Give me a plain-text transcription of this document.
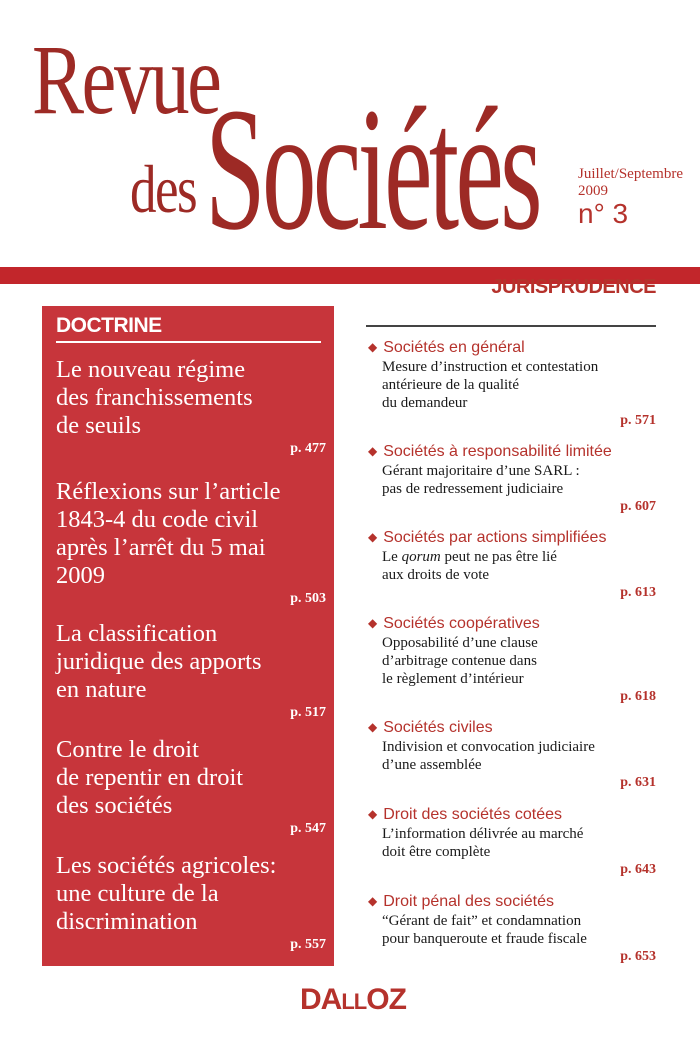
Revue
des Sociétés	Juillet/Septembre
2009
n° 3
DOCTRINE
Le nouveau régime
des franchissements
de seuils
p. 477
Réflexions sur l’article
1843-4 du code civil
après l’arrêt du 5 mai
2009
p. 503
La classification
juridique des apports
en nature
p. 517
Contre le droit
de repentir en droit
des sociétés
p. 547
Les sociétés agricoles:
une culture de la
discrimination
p. 557
JURISPRUDENCE
◆ Sociétés en général
Mesure d’instruction et contestation
antérieure de la qualité
du demandeur
p. 571
◆ Sociétés à responsabilité limitée
Gérant majoritaire d’une SARL :
pas de redressement judiciaire
p. 607
◆ Sociétés par actions simplifiées
Le qorum peut ne pas être lié
aux droits de vote
p. 613
◆ Sociétés coopératives
Opposabilité d’une clause
d’arbitrage contenue dans
le règlement d’intérieur
p. 618
◆ Sociétés civiles
Indivision et convocation judiciaire
d’une assemblée
p. 631
◆ Droit des sociétés cotées
L’information délivrée au marché
doit être complète
p. 643
◆ Droit pénal des sociétés
“Gérant de fait” et condamnation
pour banqueroute et fraude fiscale
p. 653
DALLOZ
